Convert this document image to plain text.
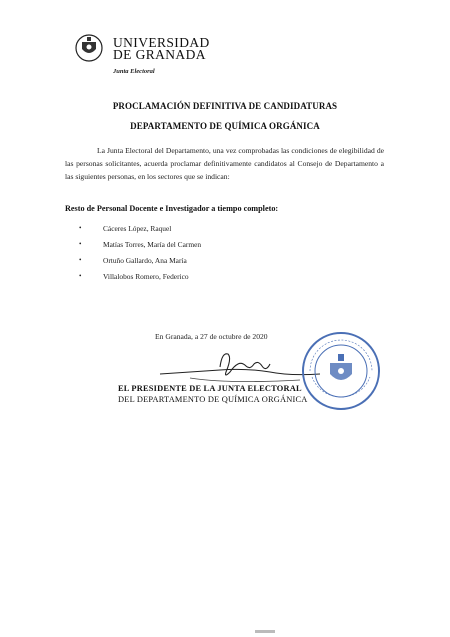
UNIVERSIDAD
DE GRANADA
Junta Electoral
PROCLAMACIÓN DEFINITIVA DE CANDIDATURAS
DEPARTAMENTO DE QUÍMICA ORGÁNICA
La Junta Electoral del Departamento, una vez comprobadas las condiciones de elegibilidad de las personas solicitantes, acuerda proclamar definitivamente candidatos al Consejo de Departamento a las siguientes personas, en los sectores que se indican:
Resto de Personal Docente e Investigador a tiempo completo:
•	Cáceres López, Raquel
•	Matías Torres, María del Carmen
•	Ortuño Gallardo, Ana María
•	Villalobos Romero, Federico
En Granada, a 27 de octubre de 2020
EL PRESIDENTE DE LA JUNTA ELECTORAL
DEL DEPARTAMENTO DE QUÍMICA ORGÁNICA
